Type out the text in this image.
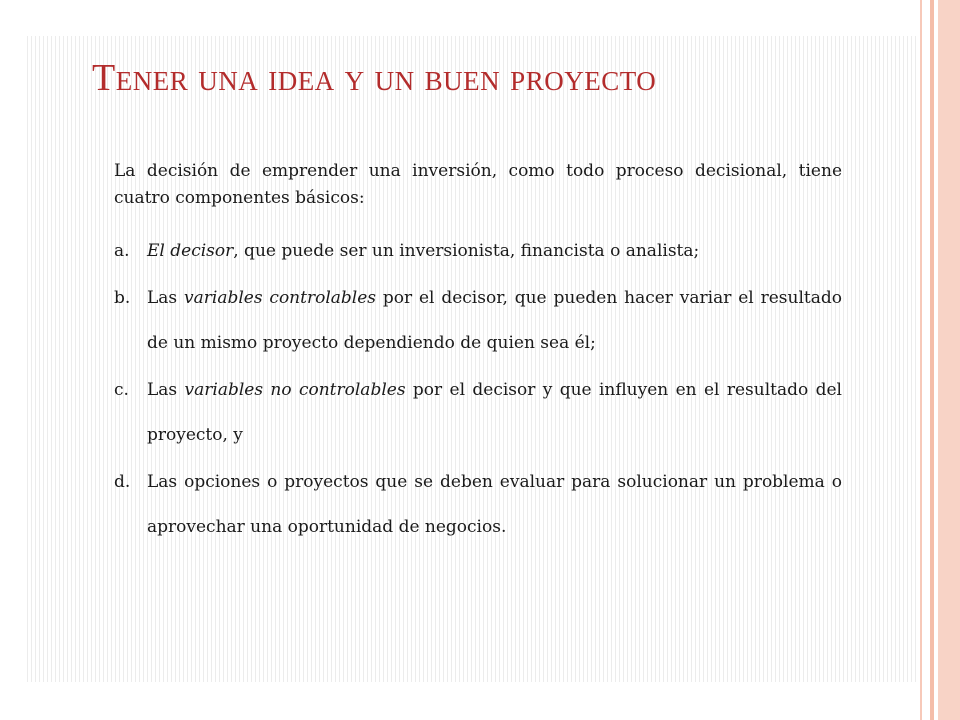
Tener una idea y un buen proyecto

La decisión de emprender una inversión, como todo proceso decisional, tiene cuatro componentes básicos:

a. El decisor, que puede ser un inversionista, financista o analista;
b. Las variables controlables por el decisor, que pueden hacer variar el resultado de un mismo proyecto dependiendo de quien sea él;
c. Las variables no controlables por el decisor y que influyen en el resultado del proyecto, y
d. Las opciones o proyectos que se deben evaluar para solucionar un problema o aprovechar una oportunidad de negocios.
